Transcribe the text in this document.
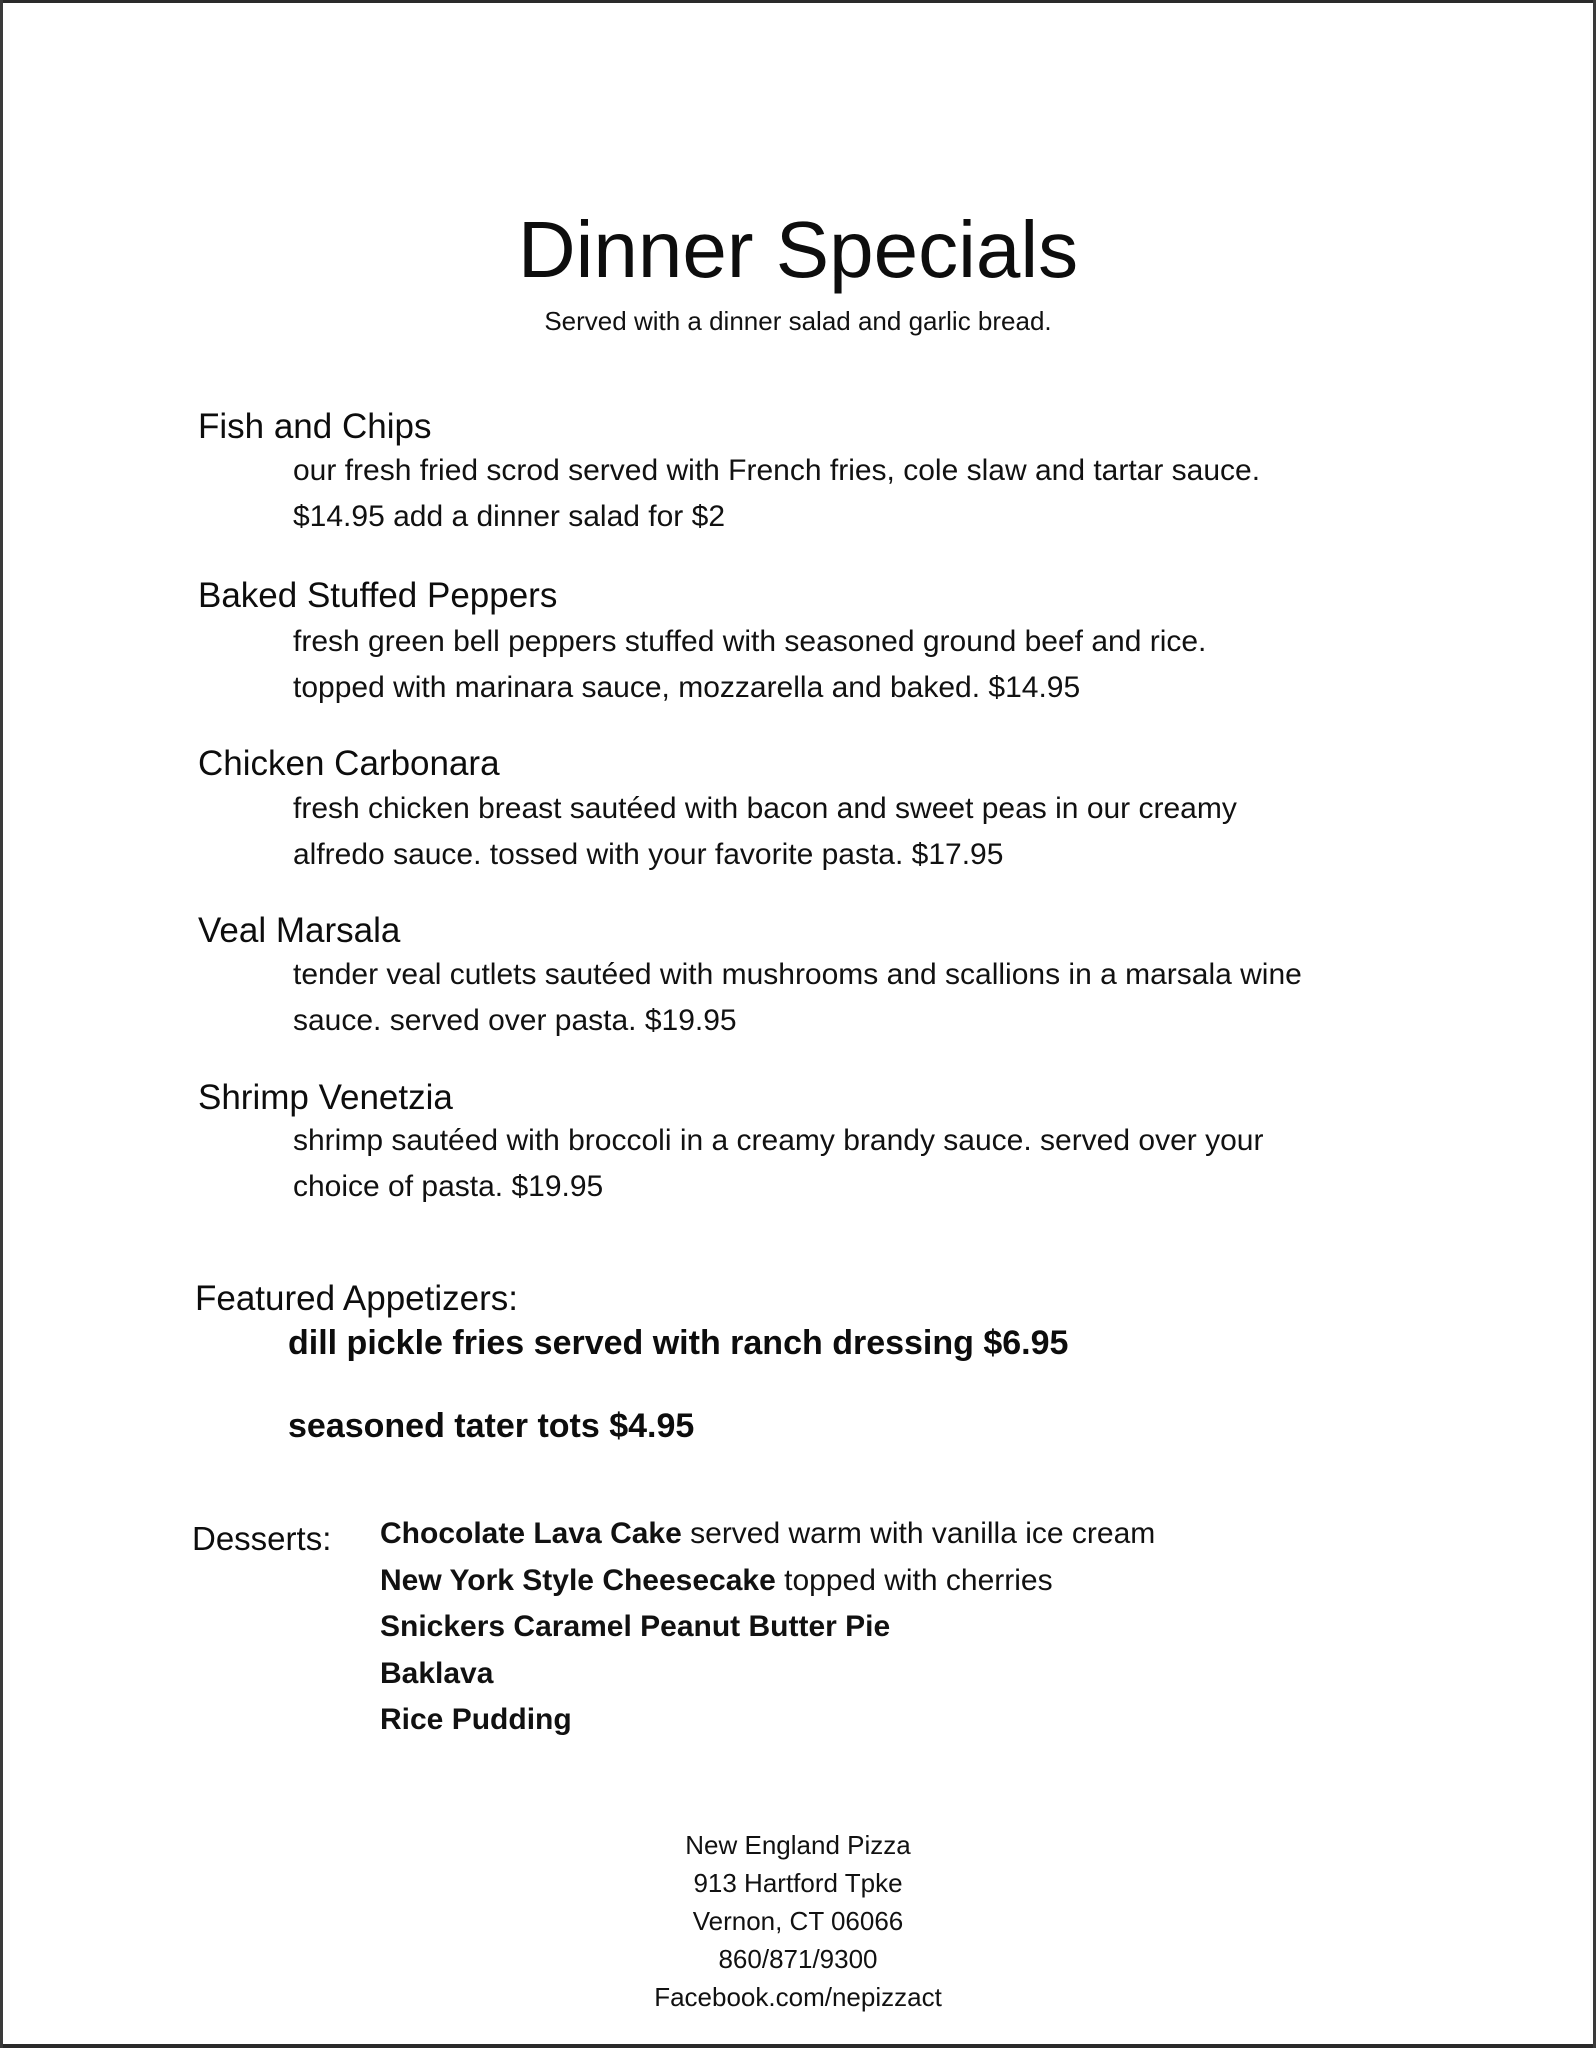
Dinner Specials
Served with a dinner salad and garlic bread.
Fish and Chips
our fresh fried scrod served with French fries, cole slaw and tartar sauce.
$14.95 add a dinner salad for $2
Baked Stuffed Peppers
fresh green bell peppers stuffed with seasoned ground beef and rice.
topped with marinara sauce, mozzarella and baked. $14.95
Chicken Carbonara
fresh chicken breast sautéed with bacon and sweet peas in our creamy
alfredo sauce. tossed with your favorite pasta. $17.95
Veal Marsala
tender veal cutlets sautéed with mushrooms and scallions in a marsala wine
sauce. served over pasta. $19.95
Shrimp Venetzia
shrimp sautéed with broccoli in a creamy brandy sauce. served over your
choice of pasta. $19.95
Featured Appetizers:
dill pickle fries served with ranch dressing $6.95
seasoned tater tots $4.95
Desserts: Chocolate Lava Cake served warm with vanilla ice cream
New York Style Cheesecake topped with cherries
Snickers Caramel Peanut Butter Pie
Baklava
Rice Pudding
New England Pizza
913 Hartford Tpke
Vernon, CT 06066
860/871/9300
Facebook.com/nepizzact
